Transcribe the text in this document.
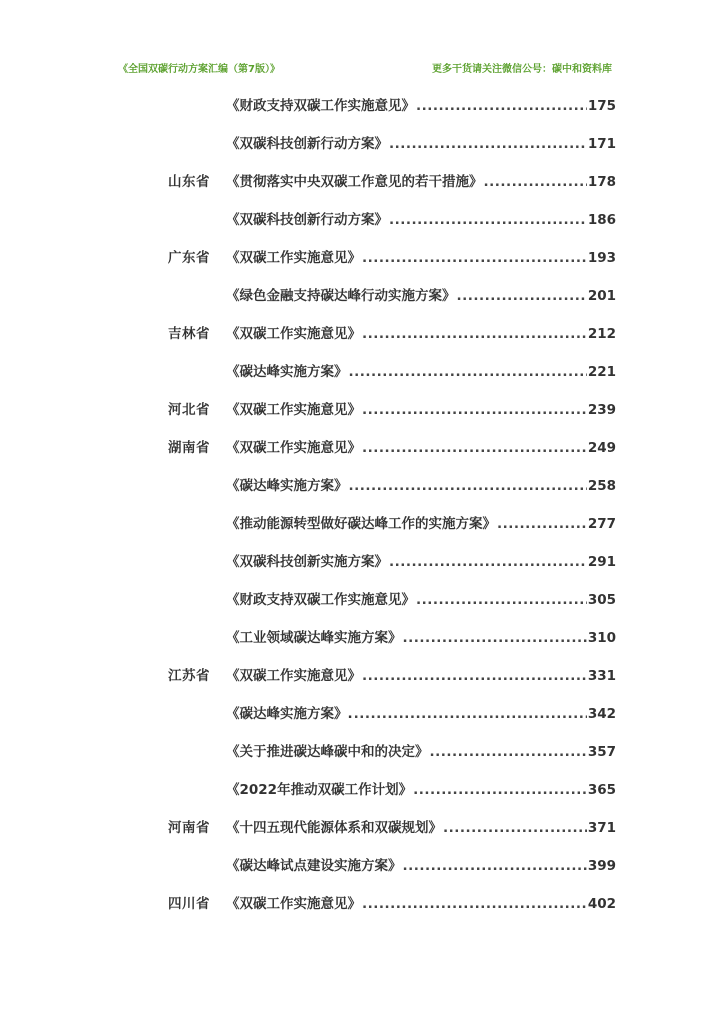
《全国双碳行动方案汇编（第7版）》	更多干货请关注微信公号：碳中和资料库
《财政支持双碳工作实施意见》 .....	175
《双碳科技创新行动方案》 .....	171
山东省	《贯彻落实中央双碳工作意见的若干措施》 .....	178
《双碳科技创新行动方案》 .....	186
广东省	《双碳工作实施意见》 .....	193
《绿色金融支持碳达峰行动实施方案》 .....	201
吉林省	《双碳工作实施意见》 .....	212
《碳达峰实施方案》 .....	221
河北省	《双碳工作实施意见》 .....	239
湖南省	《双碳工作实施意见》 .....	249
《碳达峰实施方案》 .....	258
《推动能源转型做好碳达峰工作的实施方案》 .....	277
《双碳科技创新实施方案》 .....	291
《财政支持双碳工作实施意见》 .....	305
《工业领域碳达峰实施方案》 .....	310
江苏省	《双碳工作实施意见》 .....	331
《碳达峰实施方案》. .....	342
《关于推进碳达峰碳中和的决定》 .....	357
《2022年推动双碳工作计划》 .....	365
河南省	《十四五现代能源体系和双碳规划》 .....	371
《碳达峰试点建设实施方案》 .....	399
四川省	《双碳工作实施意见》 .....	402
